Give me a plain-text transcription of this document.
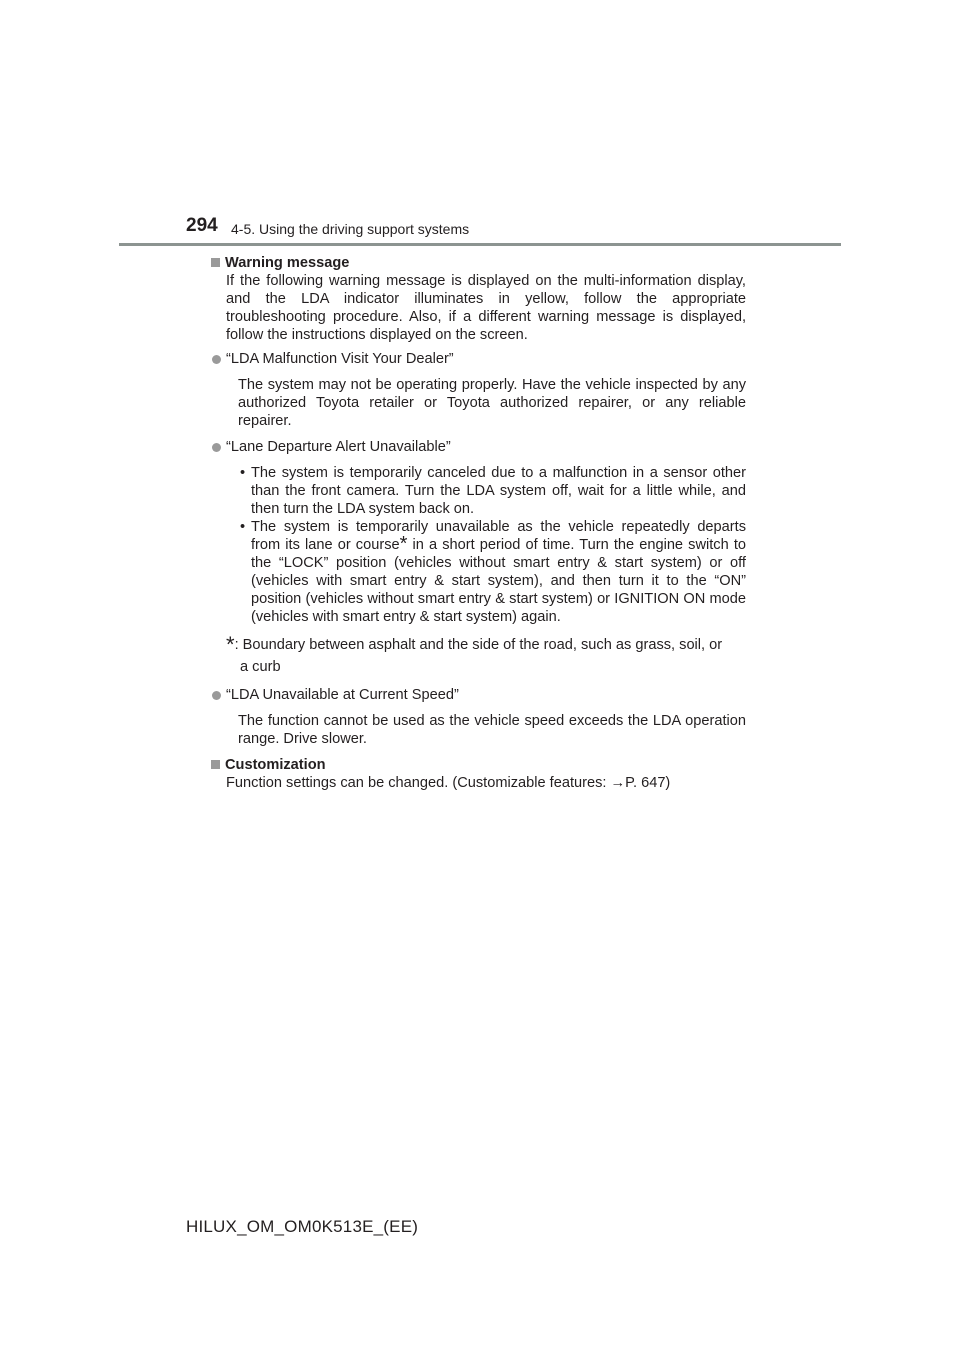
294 4-5. Using the driving support systems
Warning message
If the following warning message is displayed on the multi-information display, and the LDA indicator illuminates in yellow, follow the appropriate troubleshooting procedure. Also, if a different warning message is displayed, follow the instructions displayed on the screen.
“LDA Malfunction Visit Your Dealer”
The system may not be operating properly. Have the vehicle inspected by any authorized Toyota retailer or Toyota authorized repairer, or any reliable repairer.
“Lane Departure Alert Unavailable”
• The system is temporarily canceled due to a malfunction in a sensor other than the front camera. Turn the LDA system off, wait for a little while, and then turn the LDA system back on.
• The system is temporarily unavailable as the vehicle repeatedly departs from its lane or course* in a short period of time. Turn the engine switch to the “LOCK” position (vehicles without smart entry & start system) or off (vehicles with smart entry & start system), and then turn it to the “ON” position (vehicles without smart entry & start system) or IGNITION ON mode (vehicles with smart entry & start system) again.
*: Boundary between asphalt and the side of the road, such as grass, soil, or
a curb
“LDA Unavailable at Current Speed”
The function cannot be used as the vehicle speed exceeds the LDA operation range. Drive slower.
Customization
Function settings can be changed. (Customizable features: →P. 647)
HILUX_OM_OM0K513E_(EE)
